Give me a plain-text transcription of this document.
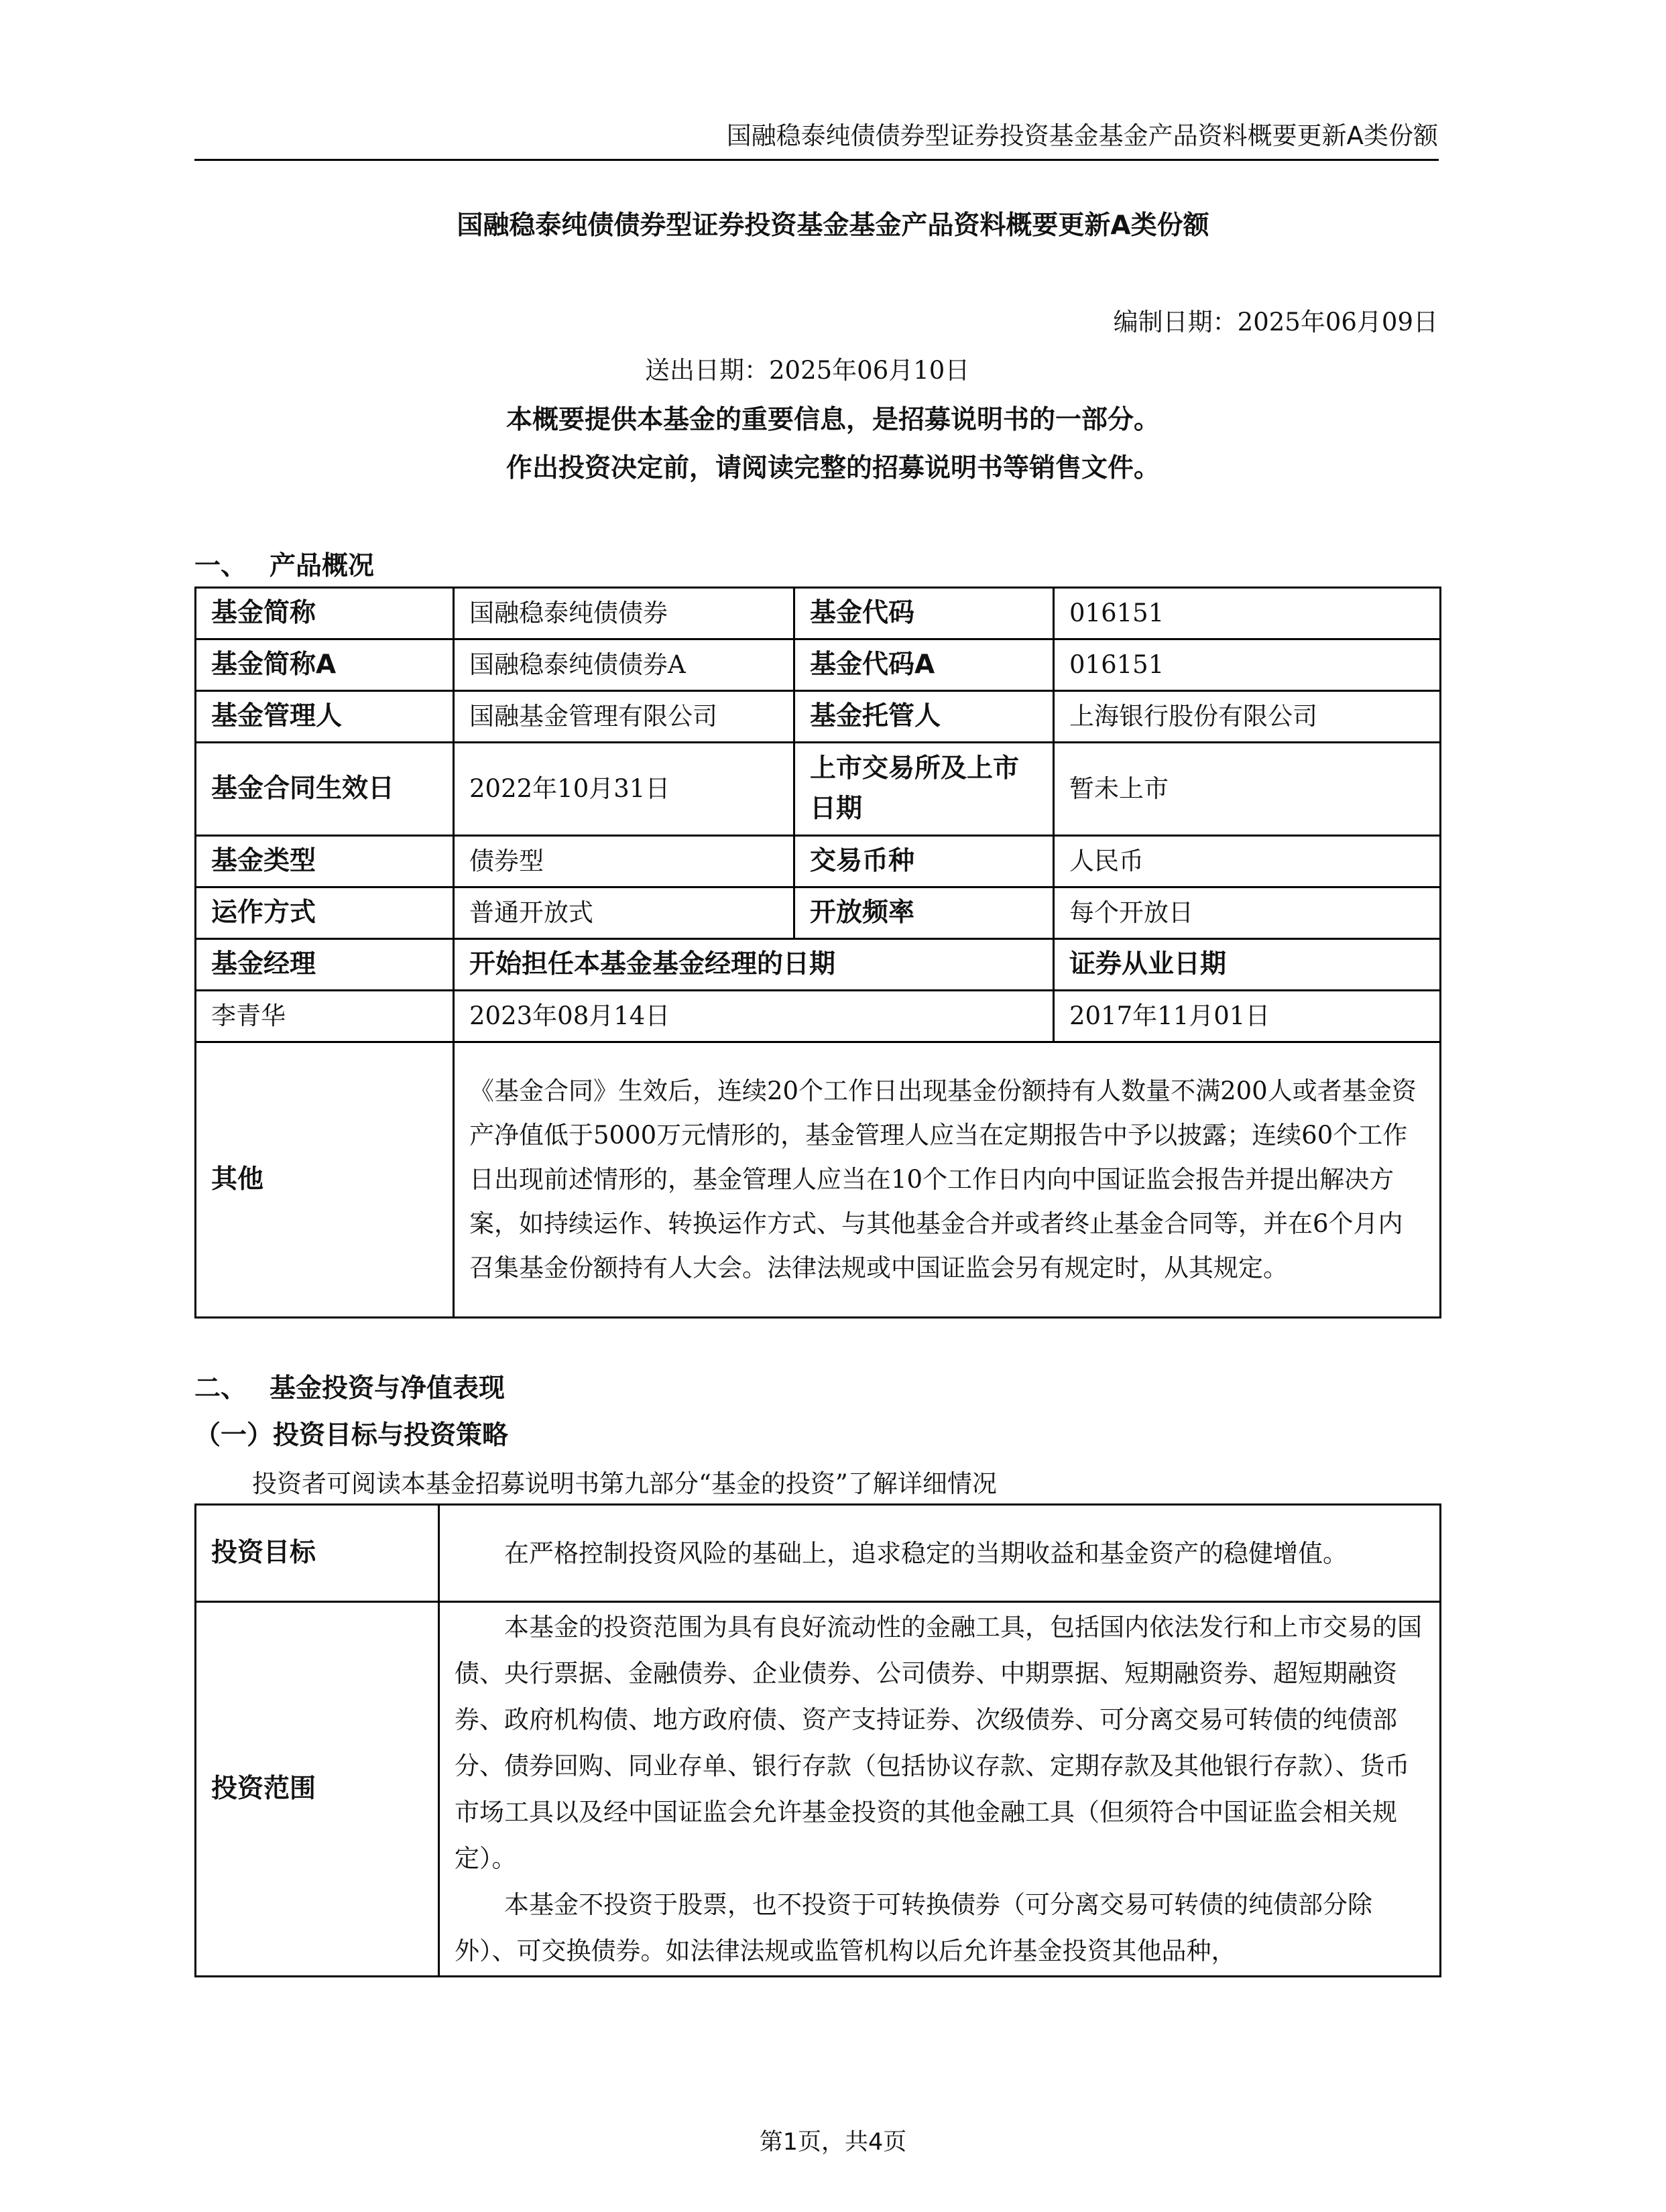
国融稳泰纯债债券型证券投资基金基金产品资料概要更新A类份额
国融稳泰纯债债券型证券投资基金基金产品资料概要更新A类份额
编制日期：2025年06月09日
送出日期：2025年06月10日
本概要提供本基金的重要信息，是招募说明书的一部分。
作出投资决定前，请阅读完整的招募说明书等销售文件。
一、 产品概况
基金简称	国融稳泰纯债债券	基金代码	016151
基金简称A	国融稳泰纯债债券A	基金代码A	016151
基金管理人	国融基金管理有限公司	基金托管人	上海银行股份有限公司
基金合同生效日	2022年10月31日	上市交易所及上市日期	暂未上市
基金类型	债券型	交易币种	人民币
运作方式	普通开放式	开放频率	每个开放日
基金经理	开始担任本基金基金经理的日期		证券从业日期
李青华	2023年08月14日		2017年11月01日
其他	《基金合同》生效后，连续20个工作日出现基金份额持有人数量不满200人或者基金资产净值低于5000万元情形的，基金管理人应当在定期报告中予以披露；连续60个工作日出现前述情形的，基金管理人应当在10个工作日内向中国证监会报告并提出解决方案，如持续运作、转换运作方式、与其他基金合并或者终止基金合同等，并在6个月内召集基金份额持有人大会。法律法规或中国证监会另有规定时，从其规定。		
二、 基金投资与净值表现
（一）投资目标与投资策略
投资者可阅读本基金招募说明书第九部分“基金的投资”了解详细情况
投资目标	在严格控制投资风险的基础上，追求稳定的当期收益和基金资产的稳健增值。

投资范围	本基金的投资范围为具有良好流动性的金融工具，包括国内依法发行和上市交易的国债、央行票据、金融债券、企业债券、公司债券、中期票据、短期融资券、超短期融资券、政府机构债、地方政府债、资产支持证券、次级债券、可分离交易可转债的纯债部分、债券回购、同业存单、银行存款（包括协议存款、定期存款及其他银行存款）、货币市场工具以及经中国证监会允许基金投资的其他金融工具（但须符合中国证监会相关规定）。

本基金不投资于股票，也不投资于可转换债券（可分离交易可转债的纯债部分除外）、可交换债券。如法律法规或监管机构以后允许基金投资其他品种，

第1页，共4页
